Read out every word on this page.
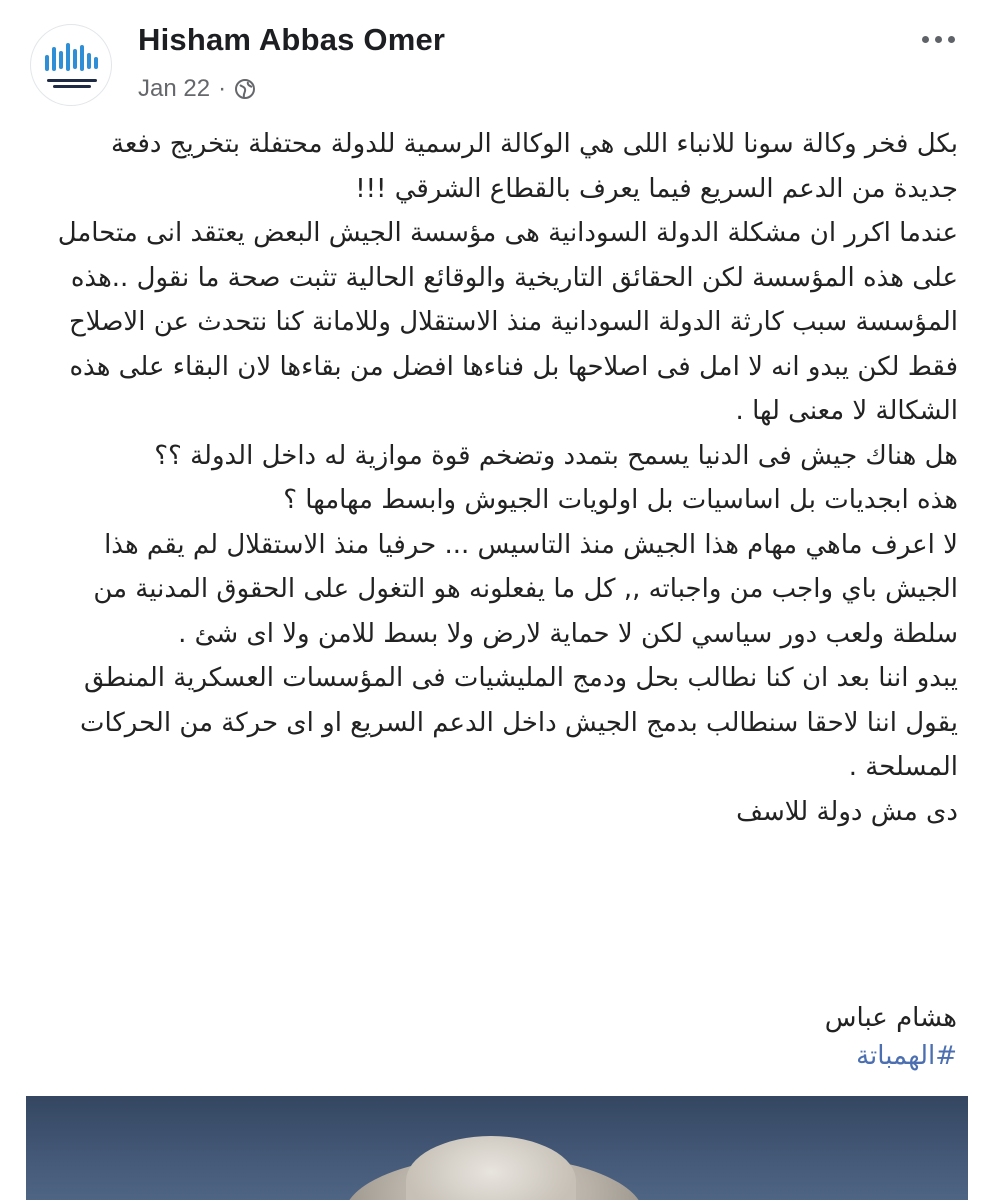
Hisham Abbas Omer
Jan 22 ·

بكل فخر وكالة سونا للانباء اللى هي الوكالة الرسمية للدولة محتفلة بتخريج دفعة جديدة من الدعم السريع فيما يعرف بالقطاع الشرقي !!!

عندما اكرر ان مشكلة الدولة السودانية هى مؤسسة الجيش البعض يعتقد انى متحامل على هذه المؤسسة لكن الحقائق التاريخية والوقائع الحالية تثبت صحة ما نقول ..هذه المؤسسة سبب كارثة الدولة السودانية منذ الاستقلال وللامانة كنا نتحدث عن الاصلاح فقط لكن يبدو انه لا امل فى اصلاحها بل فناءها افضل من بقاءها لان البقاء على هذه الشكالة لا معنى لها .

هل هناك جيش فى الدنيا يسمح بتمدد وتضخم قوة موازية له داخل الدولة ؟؟

هذه ابجديات بل اساسيات بل اولويات الجيوش وابسط مهامها ؟

لا اعرف ماهي مهام هذا الجيش منذ التاسيس ... حرفيا منذ الاستقلال لم يقم هذا الجيش باي واجب من واجباته ,, كل ما يفعلونه هو التغول على الحقوق المدنية من سلطة ولعب دور سياسي لكن لا حماية لارض ولا بسط للامن ولا اى شئ .

يبدو اننا بعد ان كنا نطالب بحل ودمج المليشيات فى المؤسسات العسكرية المنطق يقول اننا لاحقا سنطالب بدمج الجيش داخل الدعم السريع او اى حركة من الحركات المسلحة .

دى مش دولة للاسف

هشام عباس
#الهمباتة
